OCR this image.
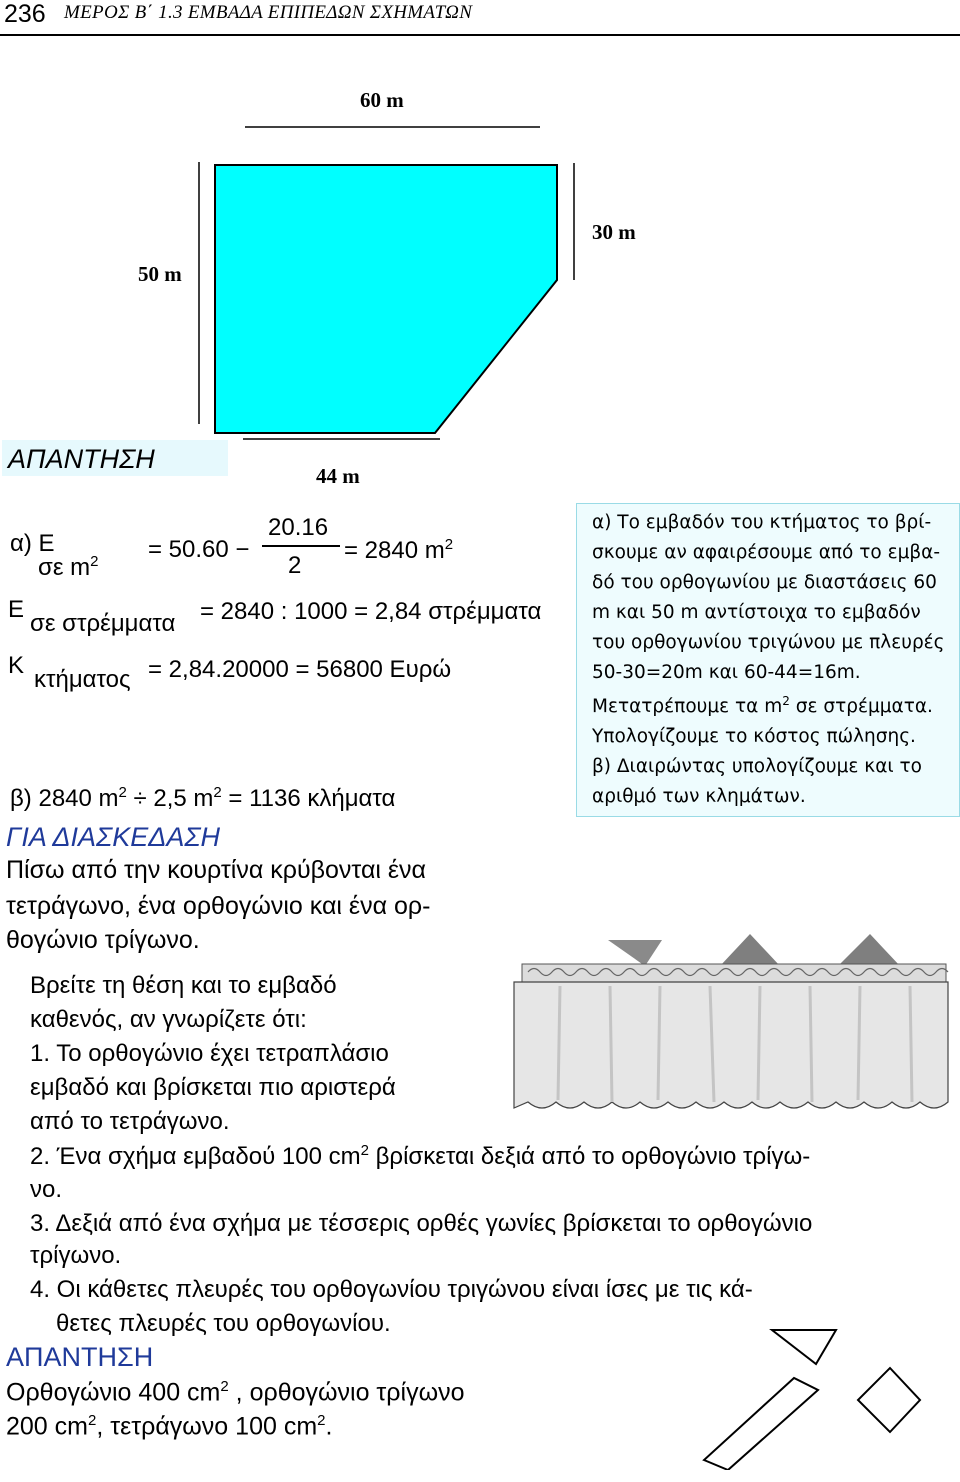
236 ΜΕΡΟΣ Β΄ 1.3 ΕΜΒΑΔΑ ΕΠΙΠΕΔΩΝ ΣΧΗΜΑΤΩΝ
60 m
50 m
30 m
44 m
ΑΠΑΝΤΗΣΗ
α) Ε
σε $m^2 = 50.60$ −
20.16
2
= 2840 $m^2$
Ε
σε στρέμματα = 2840 : 1000 = 2,84 στρέμματα
Κ
κτήματος = 2,84.20000 = 56800 Ευρώ
β) 2840 $m^2 \div 2,5$ $m^2 = 1136$ κλήματα
α) Το εμβαδόν του κτήματος το βρί-
σκουμε αν αφαιρέσουμε από το εμβα-
δό του ορθογωνίου με διαστάσεις 60
m και 50 m αντίστοιχα το εμβαδόν
του ορθογωνίου τριγώνου με πλευρές
50-30=20m και 60-44=16m.
Μετατρέπουμε τα $m^2$ σε στρέμματα.
Υπολογίζουμε το κόστος πώλησης.
β) Διαιρώντας υπολογίζουμε και το
αριθμό των κλημάτων.
ΓΙΑ ΔΙΑΣΚΕΔΑΣΗ
Πίσω από την κουρτίνα κρύβονται ένα
τετράγωνο, ένα ορθογώνιο και ένα ορ-
θογώνιο τρίγωνο.
Βρείτε τη θέση και το εμβαδό
καθενός, αν γνωρίζετε ότι:
1. Το ορθογώνιο έχει τετραπλάσιο
εμβαδό και βρίσκεται πιο αριστερά
από το τετράγωνο.
2. Ένα σχήμα εμβαδού 100 $cm^2$ βρίσκεται δεξιά από το ορθογώνιο τρίγω-
νο.
3. Δεξιά από ένα σχήμα με τέσσερις ορθές γωνίες βρίσκεται το ορθογώνιο
τρίγωνο.
4. Οι κάθετες πλευρές του ορθογωνίου τριγώνου είναι ίσες με τις κά-
θετες πλευρές του ορθογωνίου.
ΑΠΑΝΤΗΣΗ
Ορθογώνιο 400 $cm^2$ , ορθογώνιο τρίγωνο
200 $cm^2$, τετράγωνο 100 $cm^2$.
